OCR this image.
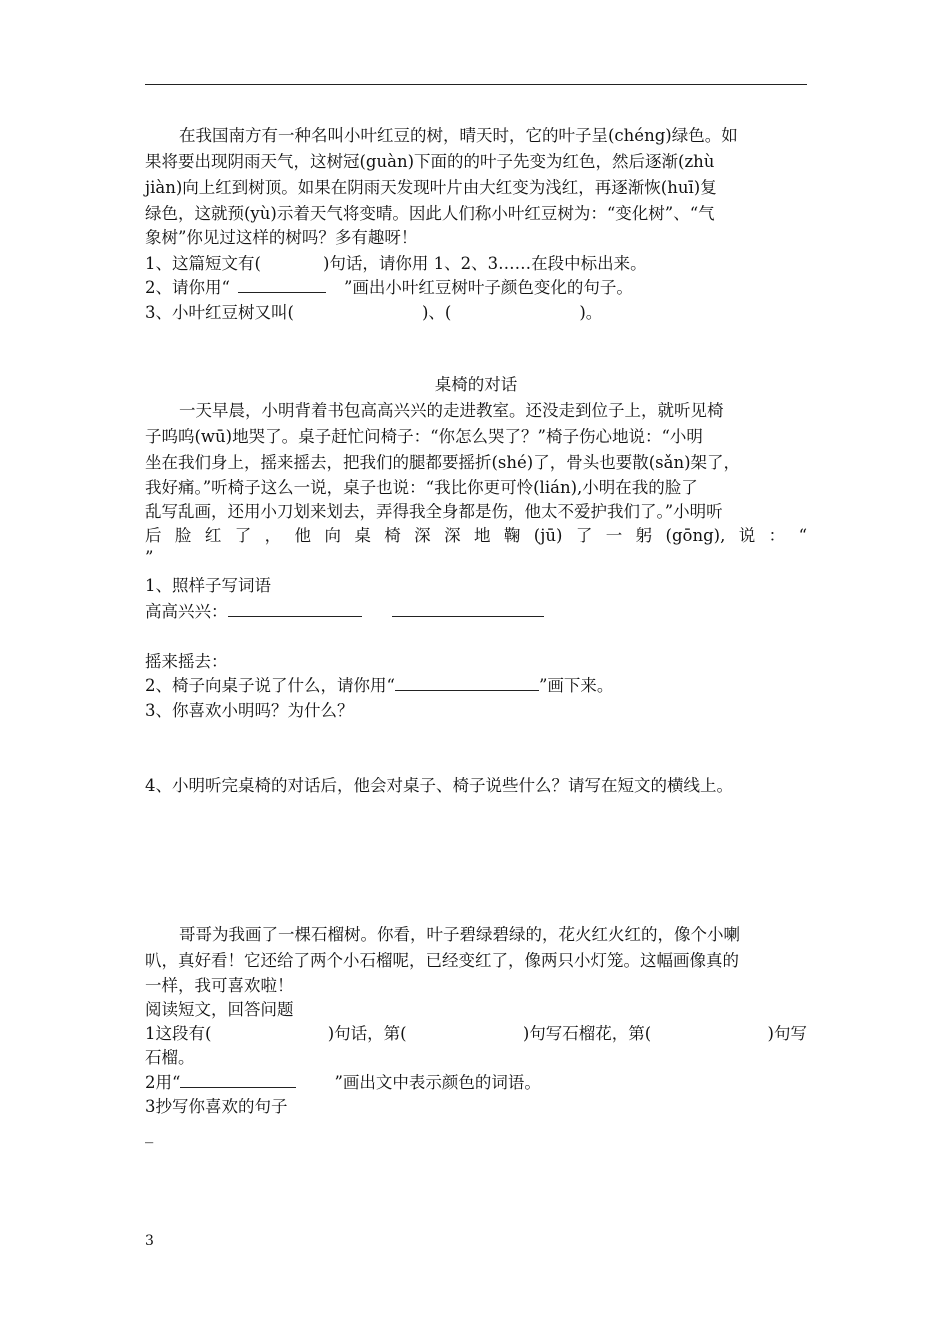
在我国南方有一种名叫小叶红豆的树，晴天时，它的叶子呈(chéng)绿色。如
果将要出现阴雨天气，这树冠(guàn)下面的的叶子先变为红色，然后逐渐(zhù
jiàn)向上红到树顶。如果在阴雨天发现叶片由大红变为浅红，再逐渐恢(huī)复
绿色，这就预(yù)示着天气将变晴。因此人们称小叶红豆树为：“变化树”、“气
象树”你见过这样的树吗？多有趣呀！
1、这篇短文有(	)句话，请你用 1、2、3……在段中标出来。
2、请你用“	”画出小叶红豆树叶子颜色变化的句子。
3、小叶红豆树又叫(	)、(	)。
桌椅的对话
一天早晨，小明背着书包高高兴兴的走进教室。还没走到位子上，就听见椅
子呜呜(wū)地哭了。桌子赶忙问椅子：“你怎么哭了？”椅子伤心地说：“小明
坐在我们身上，摇来摇去，把我们的腿都要摇折(shé)了，骨头也要散(sǎn)架了，
我好痛。”听椅子这么一说，桌子也说：“我比你更可怜(lián),小明在我的脸了
乱写乱画，还用小刀划来划去，弄得我全身都是伤，他太不爱护我们了。”小明听
后 脸 红 了 ， 他 向 桌 椅 深 深 地 鞠 (jū) 了 一 躬 (gōng), 说 ： “
”
1、照样子写词语
高高兴兴：
摇来摇去：
2、椅子向桌子说了什么，请你用“	”画下来。
3、你喜欢小明吗？为什么？
4、小明听完桌椅的对话后，他会对桌子、椅子说些什么？请写在短文的横线上。
哥哥为我画了一棵石榴树。你看，叶子碧绿碧绿的，花火红火红的，像个小喇
叭，真好看！它还给了两个小石榴呢，已经变红了，像两只小灯笼。这幅画像真的
一样，我可喜欢啦！
阅读短文，回答问题
1这段有(	)句话，第(	)句写石榴花，第(	)句写
石榴。
2用“	”画出文中表示颜色的词语。
3抄写你喜欢的句子
_
3
